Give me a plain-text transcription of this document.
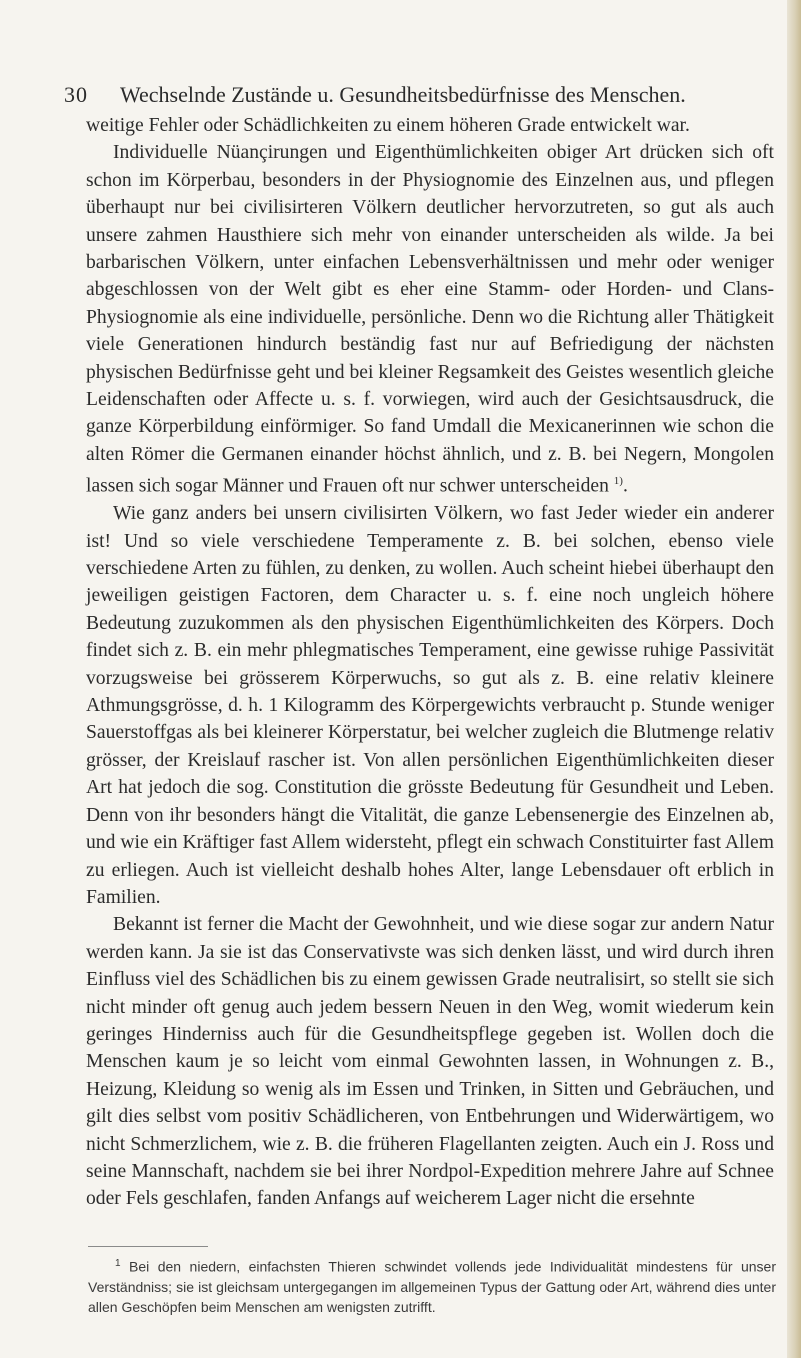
30 Wechselnde Zustände u. Gesundheitsbedürfnisse des Menschen.

weitige Fehler oder Schädlichkeiten zu einem höheren Grade entwickelt war.

Individuelle Nüançirungen und Eigenthümlichkeiten obiger Art drücken sich oft schon im Körperbau, besonders in der Physiognomie des Einzelnen aus, und pflegen überhaupt nur bei civilisirteren Völkern deutlicher hervorzutreten, so gut als auch unsere zahmen Hausthiere sich mehr von einander unterscheiden als wilde. Ja bei barbarischen Völkern, unter einfachen Lebensverhältnissen und mehr oder weniger abgeschlossen von der Welt gibt es eher eine Stamm- oder Horden- und Clans-Physiognomie als eine individuelle, persönliche. Denn wo die Richtung aller Thätigkeit viele Generationen hindurch beständig fast nur auf Befriedigung der nächsten physischen Bedürfnisse geht und bei kleiner Regsamkeit des Geistes wesentlich gleiche Leidenschaften oder Affecte u. s. f. vorwiegen, wird auch der Gesichtsausdruck, die ganze Körperbildung einförmiger. So fand Umdall die Mexicanerinnen wie schon die alten Römer die Germanen einander höchst ähnlich, und z. B. bei Negern, Mongolen lassen sich sogar Männer und Frauen oft nur schwer unterscheiden $^{1)}$.

Wie ganz anders bei unsern civilisirten Völkern, wo fast Jeder wieder ein anderer ist! Und so viele verschiedene Temperamente z. B. bei solchen, ebenso viele verschiedene Arten zu fühlen, zu denken, zu wollen. Auch scheint hiebei überhaupt den jeweiligen geistigen Factoren, dem Character u. s. f. eine noch ungleich höhere Bedeutung zuzukommen als den physischen Eigenthümlichkeiten des Körpers. Doch findet sich z. B. ein mehr phlegmatisches Temperament, eine gewisse ruhige Passivität vorzugsweise bei grösserem Körperwuchs, so gut als z. B. eine relativ kleinere Athmungsgrösse, d. h. 1 Kilogramm des Körpergewichts verbraucht p. Stunde weniger Sauerstoffgas als bei kleinerer Körperstatur, bei welcher zugleich die Blutmenge relativ grösser, der Kreislauf rascher ist. Von allen persönlichen Eigenthümlichkeiten dieser Art hat jedoch die sog. Constitution die grösste Bedeutung für Gesundheit und Leben. Denn von ihr besonders hängt die Vitalität, die ganze Lebensenergie des Einzelnen ab, und wie ein Kräftiger fast Allem widersteht, pflegt ein schwach Constituirter fast Allem zu erliegen. Auch ist vielleicht deshalb hohes Alter, lange Lebensdauer oft erblich in Familien.

Bekannt ist ferner die Macht der Gewohnheit, und wie diese sogar zur andern Natur werden kann. Ja sie ist das Conservativste was sich denken lässt, und wird durch ihren Einfluss viel des Schädlichen bis zu einem gewissen Grade neutralisirt, so stellt sie sich nicht minder oft genug auch jedem bessern Neuen in den Weg, womit wiederum kein geringes Hinderniss auch für die Gesundheitspflege gegeben ist. Wollen doch die Menschen kaum je so leicht vom einmal Gewohnten lassen, in Wohnungen z. B., Heizung, Kleidung so wenig als im Essen und Trinken, in Sitten und Gebräuchen, und gilt dies selbst vom positiv Schädlicheren, von Entbehrungen und Widerwärtigem, wo nicht Schmerzlichem, wie z. B. die früheren Flagellanten zeigten. Auch ein J. Ross und seine Mannschaft, nachdem sie bei ihrer Nordpol-Expedition mehrere Jahre auf Schnee oder Fels geschlafen, fanden Anfangs auf weicherem Lager nicht die ersehnte

$^1$ Bei den niedern, einfachsten Thieren schwindet vollends jede Individualität mindestens für unser Verständniss; sie ist gleichsam untergegangen im allgemeinen Typus der Gattung oder Art, während dies unter allen Geschöpfen beim Menschen am wenigsten zutrifft.
